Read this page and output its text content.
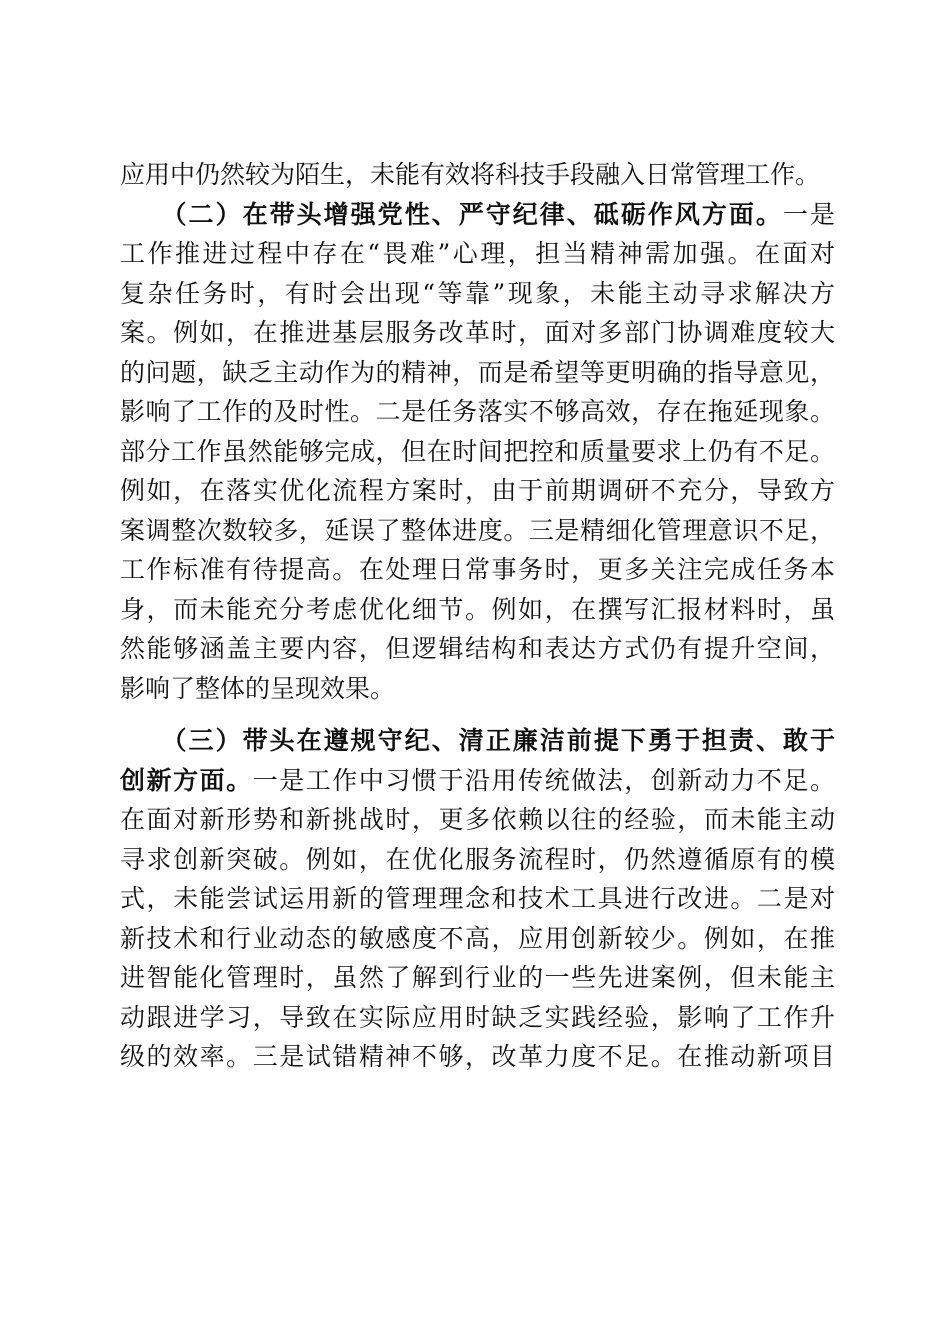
应用中仍然较为陌生，未能有效将科技手段融入日常管理工作。
　　（二）在带头增强党性、严守纪律、砥砺作风方面。一是
工作推进过程中存在“畏难”心理，担当精神需加强。在面对
复杂任务时，有时会出现“等靠”现象，未能主动寻求解决方
案。例如，在推进基层服务改革时，面对多部门协调难度较大
的问题，缺乏主动作为的精神，而是希望等更明确的指导意见，
影响了工作的及时性。二是任务落实不够高效，存在拖延现象。
部分工作虽然能够完成，但在时间把控和质量要求上仍有不足。
例如，在落实优化流程方案时，由于前期调研不充分，导致方
案调整次数较多，延误了整体进度。三是精细化管理意识不足，
工作标准有待提高。在处理日常事务时，更多关注完成任务本
身，而未能充分考虑优化细节。例如，在撰写汇报材料时，虽
然能够涵盖主要内容，但逻辑结构和表达方式仍有提升空间，
影响了整体的呈现效果。
　　（三）带头在遵规守纪、清正廉洁前提下勇于担责、敢于
创新方面。一是工作中习惯于沿用传统做法，创新动力不足。
在面对新形势和新挑战时，更多依赖以往的经验，而未能主动
寻求创新突破。例如，在优化服务流程时，仍然遵循原有的模
式，未能尝试运用新的管理理念和技术工具进行改进。二是对
新技术和行业动态的敏感度不高，应用创新较少。例如，在推
进智能化管理时，虽然了解到行业的一些先进案例，但未能主
动跟进学习，导致在实际应用时缺乏实践经验，影响了工作升
级的效率。三是试错精神不够，改革力度不足。在推动新项目
